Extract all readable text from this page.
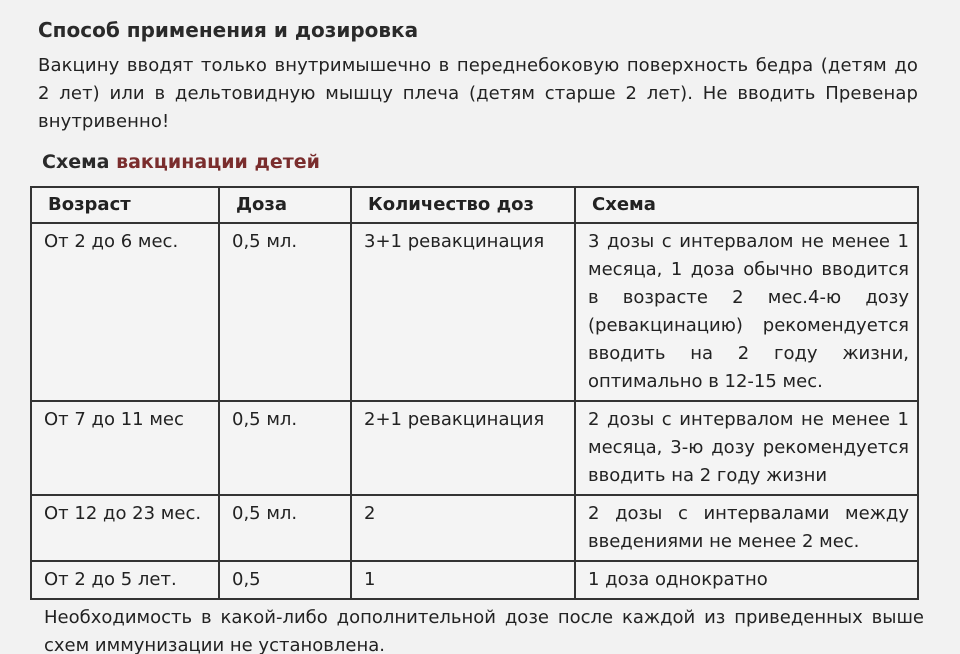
Способ применения и дозировка

Вакцину вводят только внутримышечно в переднебоковую поверхность бедра (детям до 2 лет) или в дельтовидную мышцу плеча (детям старше 2 лет). Не вводить Превенар внутривенно!

Схема вакцинации детей
Возраст	Доза	Количество доз	Схема
От 2 до 6 мес.	0,5 мл.	3+1 ревакцинация	3 дозы с интервалом не менее 1 месяца, 1 доза обычно вводится в возрасте 2 мес.4-ю дозу (ревакцинацию) рекомендуется вводить на 2 году жизни, оптимально в 12-15 мес.
От 7 до 11 мес	0,5 мл.	2+1 ревакцинация	2 дозы с интервалом не менее 1 месяца, 3-ю дозу рекомендуется вводить на 2 году жизни
От 12 до 23 мес.	0,5 мл.	2	2 дозы с интервалами между введениями не менее 2 мес.
От 2 до 5 лет.	0,5	1	1 доза однократно

Необходимость в какой-либо дополнительной дозе после каждой из приведенных выше схем иммунизации не установлена.
